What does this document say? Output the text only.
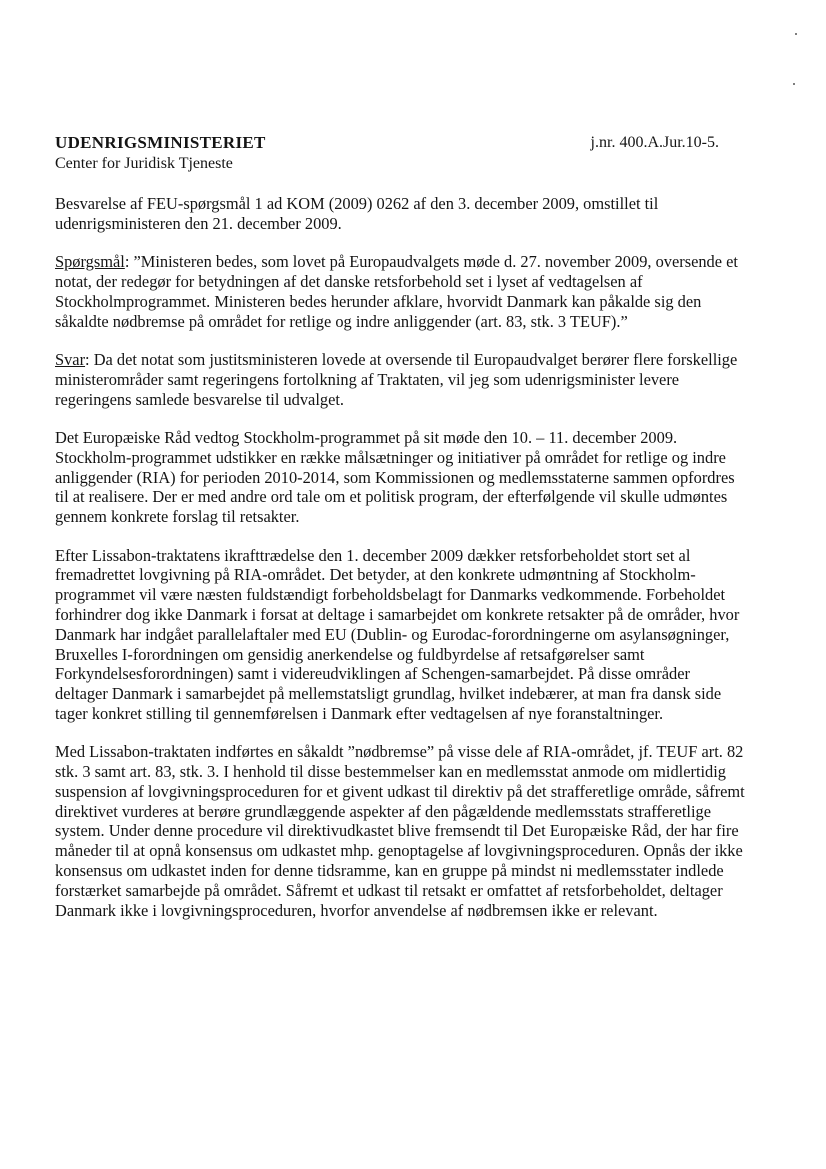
UDENRIGSMINISTERIET	j.nr. 400.A.Jur.10-5.
Center for Juridisk Tjeneste

Besvarelse af FEU-spørgsmål 1 ad KOM (2009) 0262 af den 3. december 2009, omstillet til udenrigsministeren den 21. december 2009.

Spørgsmål: ”Ministeren bedes, som lovet på Europaudvalgets møde d. 27. november 2009, oversende et notat, der redegør for betydningen af det danske retsforbehold set i lyset af vedtagelsen af Stockholmprogrammet. Ministeren bedes herunder afklare, hvorvidt Danmark kan påkalde sig den såkaldte nødbremse på området for retlige og indre anliggender (art. 83, stk. 3 TEUF).”

Svar: Da det notat som justitsministeren lovede at oversende til Europaudvalget berører flere forskellige ministerområder samt regeringens fortolkning af Traktaten, vil jeg som udenrigsminister levere regeringens samlede besvarelse til udvalget.

Det Europæiske Råd vedtog Stockholm-programmet på sit møde den 10. – 11. december 2009. Stockholm-programmet udstikker en række målsætninger og initiativer på området for retlige og indre anliggender (RIA) for perioden 2010-2014, som Kommissionen og medlemsstaterne sammen opfordres til at realisere. Der er med andre ord tale om et politisk program, der efterfølgende vil skulle udmøntes gennem konkrete forslag til retsakter.

Efter Lissabon-traktatens ikrafttrædelse den 1. december 2009 dækker retsforbeholdet stort set al fremadrettet lovgivning på RIA-området. Det betyder, at den konkrete udmøntning af Stockholm-programmet vil være næsten fuldstændigt forbeholdsbelagt for Danmarks vedkommende. Forbeholdet forhindrer dog ikke Danmark i forsat at deltage i samarbejdet om konkrete retsakter på de områder, hvor Danmark har indgået parallelaftaler med EU (Dublin- og Eurodac-forordningerne om asylansøgninger, Bruxelles I-forordningen om gensidig anerkendelse og fuldbyrdelse af retsafgørelser samt Forkyndelsesforordningen) samt i videreudviklingen af Schengen-samarbejdet. På disse områder deltager Danmark i samarbejdet på mellemstatsligt grundlag, hvilket indebærer, at man fra dansk side tager konkret stilling til gennemførelsen i Danmark efter vedtagelsen af nye foranstaltninger.

Med Lissabon-traktaten indførtes en såkaldt ”nødbremse” på visse dele af RIA-området, jf. TEUF art. 82 stk. 3 samt art. 83, stk. 3. I henhold til disse bestemmelser kan en medlemsstat anmode om midlertidig suspension af lovgivningsproceduren for et givent udkast til direktiv på det strafferetlige område, såfremt direktivet vurderes at berøre grundlæggende aspekter af den pågældende medlemsstats strafferetlige system. Under denne procedure vil direktivudkastet blive fremsendt til Det Europæiske Råd, der har fire måneder til at opnå konsensus om udkastet mhp. genoptagelse af lovgivningsproceduren. Opnås der ikke konsensus om udkastet inden for denne tidsramme, kan en gruppe på mindst ni medlemsstater indlede forstærket samarbejde på området. Såfremt et udkast til retsakt er omfattet af retsforbeholdet, deltager Danmark ikke i lovgivningsproceduren, hvorfor anvendelse af nødbremsen ikke er relevant.
